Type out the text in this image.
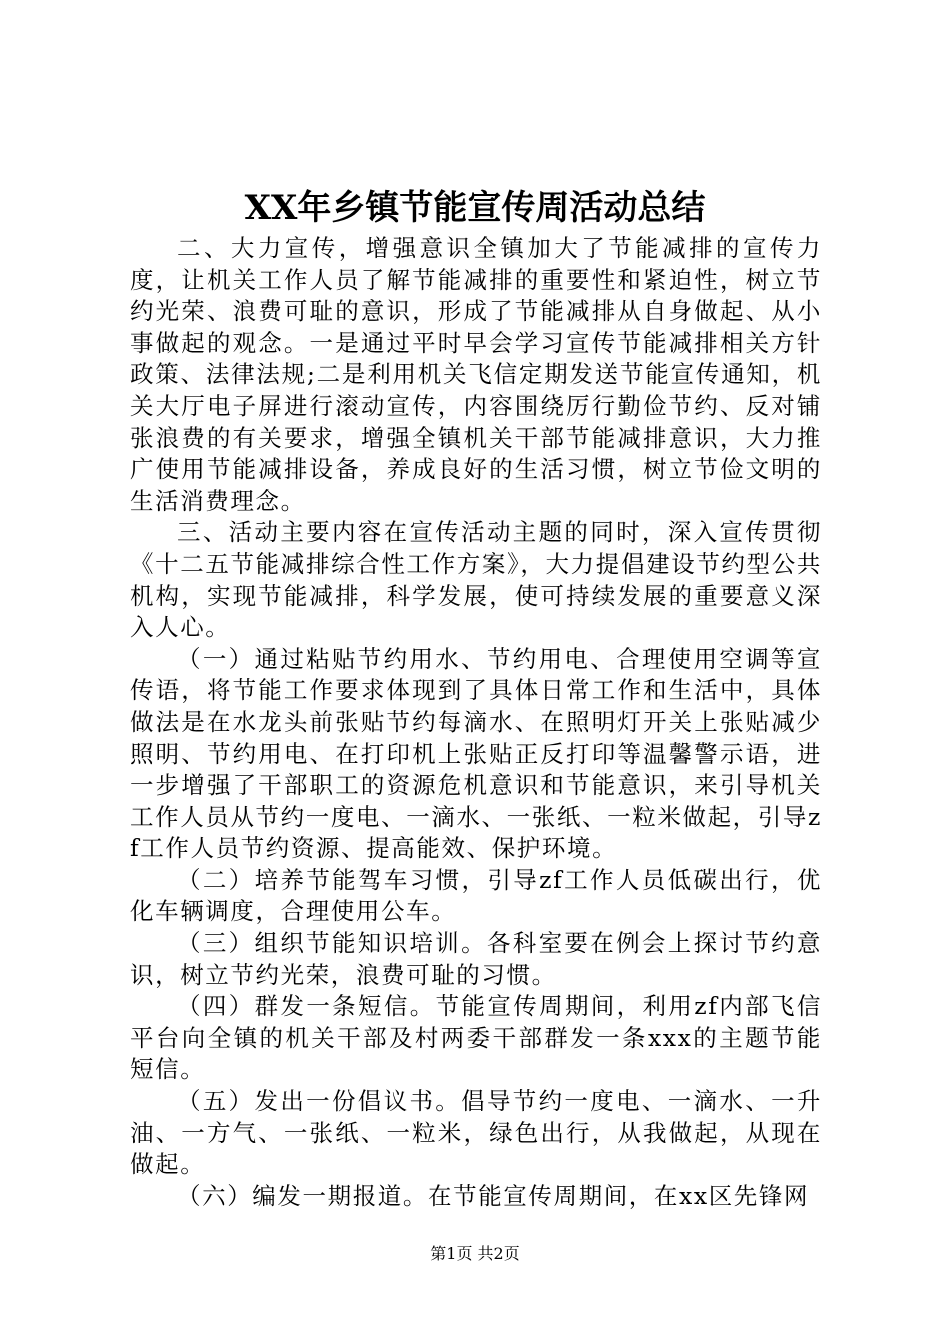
XX年乡镇节能宣传周活动总结

二、大力宣传，增强意识全镇加大了节能减排的宣传力度，让机关工作人员了解节能减排的重要性和紧迫性，树立节约光荣、浪费可耻的意识，形成了节能减排从自身做起、从小事做起的观念。一是通过平时早会学习宣传节能减排相关方针政策、法律法规;二是利用机关飞信定期发送节能宣传通知，机关大厅电子屏进行滚动宣传，内容围绕厉行勤俭节约、反对铺张浪费的有关要求，增强全镇机关干部节能减排意识，大力推广使用节能减排设备，养成良好的生活习惯，树立节俭文明的生活消费理念。

三、活动主要内容在宣传活动主题的同时，深入宣传贯彻《十二五节能减排综合性工作方案》，大力提倡建设节约型公共机构，实现节能减排，科学发展，使可持续发展的重要意义深入人心。

（一）通过粘贴节约用水、节约用电、合理使用空调等宣传语，将节能工作要求体现到了具体日常工作和生活中，具体做法是在水龙头前张贴节约每滴水、在照明灯开关上张贴减少照明、节约用电、在打印机上张贴正反打印等温馨警示语，进一步增强了干部职工的资源危机意识和节能意识，来引导机关工作人员从节约一度电、一滴水、一张纸、一粒米做起，引导zf工作人员节约资源、提高能效、保护环境。

（二）培养节能驾车习惯，引导zf工作人员低碳出行，优化车辆调度，合理使用公车。

（三）组织节能知识培训。各科室要在例会上探讨节约意识，树立节约光荣，浪费可耻的习惯。

（四）群发一条短信。节能宣传周期间，利用zf内部飞信平台向全镇的机关干部及村两委干部群发一条xxx的主题节能短信。

（五）发出一份倡议书。倡导节约一度电、一滴水、一升油、一方气、一张纸、一粒米，绿色出行，从我做起，从现在做起。

（六）编发一期报道。在节能宣传周期间，在xx区先锋网

第1页 共2页
